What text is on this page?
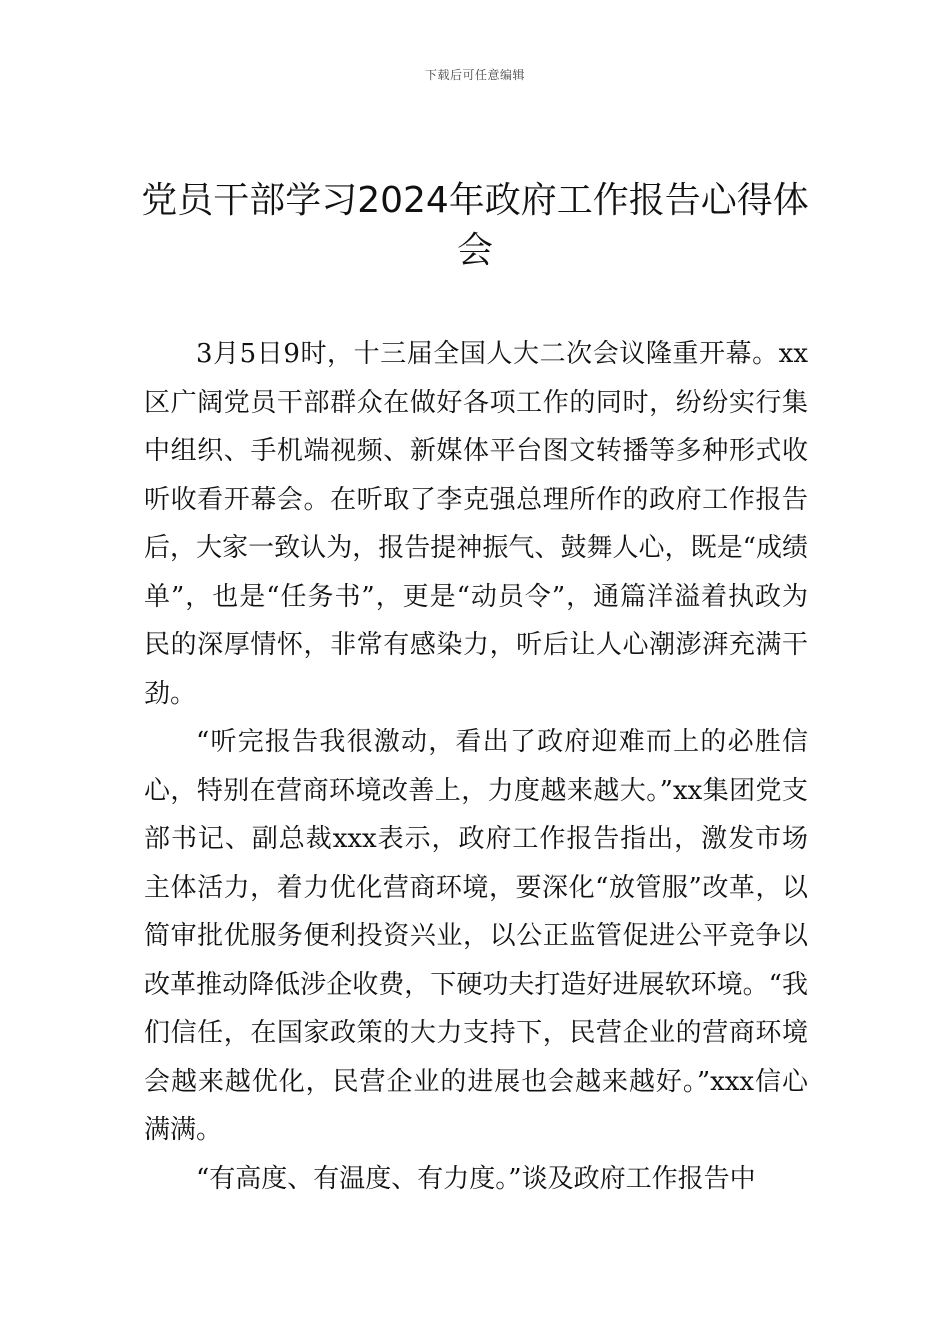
下载后可任意编辑
党员干部学习2024年政府工作报告心得体会

3月5日9时，十三届全国人大二次会议隆重开幕。xx区广阔党员干部群众在做好各项工作的同时，纷纷实行集中组织、手机端视频、新媒体平台图文转播等多种形式收听收看开幕会。在听取了李克强总理所作的政府工作报告后，大家一致认为，报告提神振气、鼓舞人心，既是“成绩单”，也是“任务书”，更是“动员令”，通篇洋溢着执政为民的深厚情怀，非常有感染力，听后让人心潮澎湃充满干劲。

“听完报告我很激动，看出了政府迎难而上的必胜信心，特别在营商环境改善上，力度越来越大。”xx集团党支部书记、副总裁xxx表示，政府工作报告指出，激发市场主体活力，着力优化营商环境，要深化“放管服”改革，以简审批优服务便利投资兴业，以公正监管促进公平竞争以改革推动降低涉企收费，下硬功夫打造好进展软环境。“我们信任，在国家政策的大力支持下，民营企业的营商环境会越来越优化，民营企业的进展也会越来越好。”xxx信心满满。

“有高度、有温度、有力度。”谈及政府工作报告中
